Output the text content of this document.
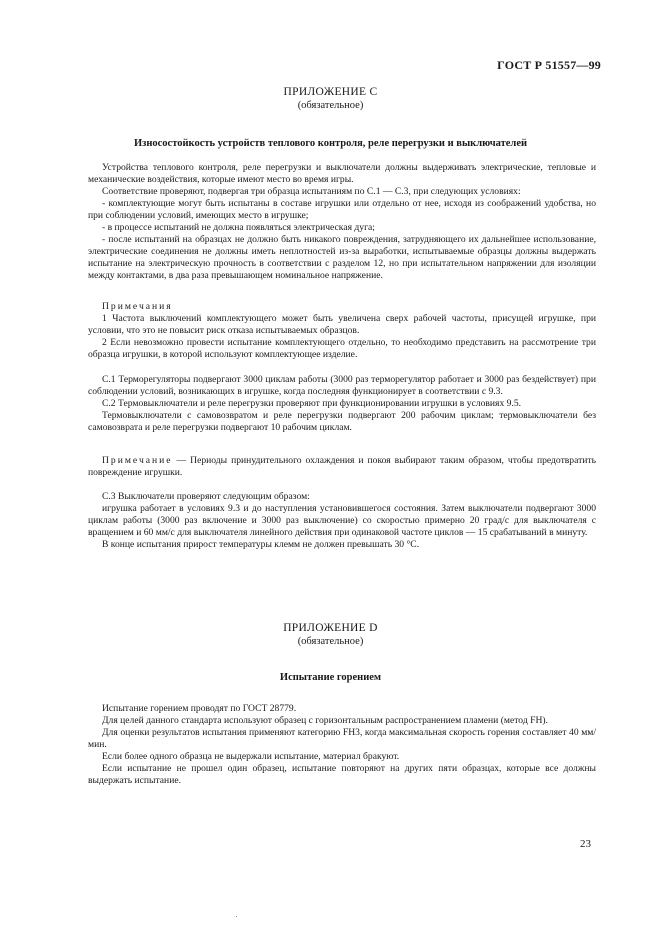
ГОСТ Р 51557—99
ПРИЛОЖЕНИЕ С
(обязательное)
Износостойкость устройств теплового контроля, реле перегрузки и выключателей

Устройства теплового контроля, реле перегрузки и выключатели должны выдерживать электрические, тепловые и механические воздействия, которые имеют место во время игры.

Соответствие проверяют, подвергая три образца испытаниям по С.1 — С.3, при следующих условиях:

- комплектующие могут быть испытаны в составе игрушки или отдельно от нее, исходя из соображений удобства, но при соблюдении условий, имеющих место в игрушке;

- в процессе испытаний не должна появляться электрическая дуга;

- после испытаний на образцах не должно быть никакого повреждения, затрудняющего их дальнейшее использование, электрические соединения не должны иметь неплотностей из-за выработки, испытываемые образцы должны выдержать испытание на электрическую прочность в соответствии с разделом 12, но при испытательном напряжении для изоляции между контактами, в два раза превышающем номинальное напряжение.

Примечания

1 Частота выключений комплектующего может быть увеличена сверх рабочей частоты, присущей игрушке, при условии, что это не повысит риск отказа испытываемых образцов.

2 Если невозможно провести испытание комплектующего отдельно, то необходимо представить на рассмотрение три образца игрушки, в которой используют комплектующее изделие.

С.1 Терморегуляторы подвергают 3000 циклам работы (3000 раз терморегулятор работает и 3000 раз бездействует) при соблюдении условий, возникающих в игрушке, когда последняя функционирует в соответствии с 9.3.

С.2 Термовыключатели и реле перегрузки проверяют при функционировании игрушки в условиях 9.5.

Термовыключатели с самовозвратом и реле перегрузки подвергают 200 рабочим циклам; термовыключатели без самовозврата и реле перегрузки подвергают 10 рабочим циклам.

Примечание — Периоды принудительного охлаждения и покоя выбирают таким образом, чтобы предотвратить повреждение игрушки.

С.3 Выключатели проверяют следующим образом:

игрушка работает в условиях 9.3 и до наступления установившегося состояния. Затем выключатели подвергают 3000 циклам работы (3000 раз включение и 3000 раз выключение) со скоростью примерно 20 град/с для выключателя с вращением и 60 мм/с для выключателя линейного действия при одинаковой частоте циклов — 15 срабатываний в минуту.

В конце испытания прирост температуры клемм не должен превышать 30 °С.

ПРИЛОЖЕНИЕ D
(обязательное)
Испытание горением

Испытание горением проводят по ГОСТ 28779.

Для целей данного стандарта используют образец с горизонтальным распространением пламени (метод FH).

Для оценки результатов испытания применяют категорию FH3, когда максимальная скорость горения составляет 40 мм/мин.

Если более одного образца не выдержали испытание, материал бракуют.

Если испытание не прошел один образец, испытание повторяют на других пяти образцах, которые все должны выдержать испытание.

23
